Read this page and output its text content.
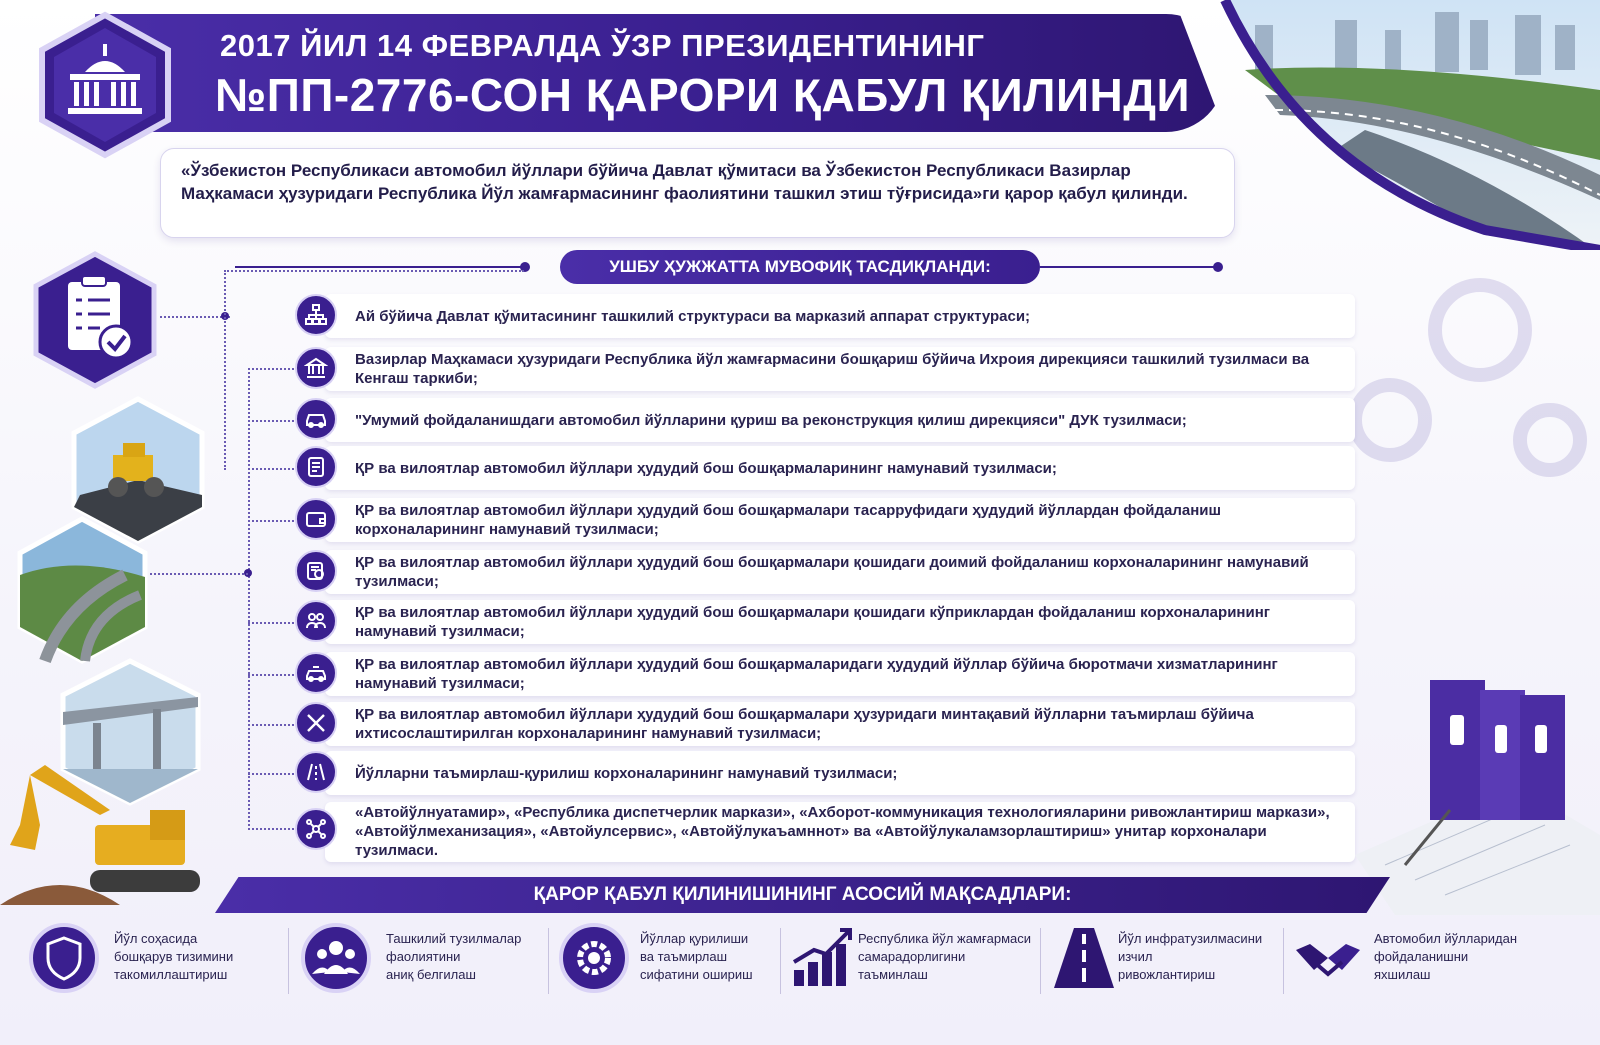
2017 ЙИЛ 14 ФЕВРАЛДА ЎЗР ПРЕЗИДЕНТИНИНГ
№ПП-2776-СОН ҚАРОРИ ҚАБУЛ ҚИЛИНДИ
«Ўзбекистон Республикаси автомобил йўллари бўйича Давлат қўмитаси ва Ўзбекистон Республикаси Вазирлар Маҳкамаси ҳузуридаги Республика Йўл жамғармасининг фаолиятини ташкил этиш тўғрисида»ги қарор қабул қилинди.
УШБУ ҲУЖЖАТТА МУВОФИҚ ТАСДИҚЛАНДИ:
Ай бўйича Давлат қўмитасининг ташкилий структураси ва марказий аппарат структураси;
Вазирлар Маҳкамаси ҳузуридаги Республика йўл жамғармасини бошқариш бўйича Ихроия дирекцияси ташкилий тузилмаси ва Кенгаш таркиби;
"Умумий фойдаланишдаги автомобил йўлларини қуриш ва реконструкция қилиш дирекцияси" ДУК тузилмаси;
ҚР ва вилоятлар автомобил йўллари ҳудудий бош бошқармаларининг намунавий тузилмаси;
ҚР ва вилоятлар автомобил йўллари ҳудудий бош бошқармалари тасарруфидаги ҳудудий йўллардан фойдаланиш корхоналарининг намунавий тузилмаси;
ҚР ва вилоятлар автомобил йўллари ҳудудий бош бошқармалари қошидаги доимий фойдаланиш корхоналарининг намунавий тузилмаси;
ҚР ва вилоятлар автомобил йўллари ҳудудий бош бошқармалари қошидаги кўприклардан фойдаланиш корхоналарининг намунавий тузилмаси;
ҚР ва вилоятлар автомобил йўллари ҳудудий бош бошқармаларидаги ҳудудий йўллар бўйича бюротмачи хизматларининг намунавий тузилмаси;
ҚР ва вилоятлар автомобил йўллари ҳудудий бош бошқармалари ҳузуридаги минтақавий йўлларни таъмирлаш бўйича ихтисослаштирилган корхоналарининг намунавий тузилмаси;
Йўлларни таъмирлаш-қурилиш корхоналарининг намунавий тузилмаси;
«Автойўлнуатамир», «Республика диспетчерлик маркази», «Ахборот-коммуникация технологияларини ривожлантириш маркази», «Автойўлмеханизация», «Автойулсервис», «Автойўлукаъамннот» ва «Автойўлукаламзорлаштириш» унитар корхоналари тузилмаси.
ҚАРОР ҚАБУЛ ҚИЛИНИШИНИНГ АСОСИЙ МАҚСАДЛАРИ:
Йўл соҳасида
бошқарув тизимини
такомиллаштириш
Ташкилий тузилмалар
фаолиятини
аниқ белгилаш
Йўллар қурилиши
ва таъмирлаш
сифатини ошириш
Республика йўл жамғармаси
самарадорлигини
таъминлаш
Йўл инфратузилмасини
изчил
ривожлантириш
Автомобил йўлларидан
фойдаланишни
яхшилаш
